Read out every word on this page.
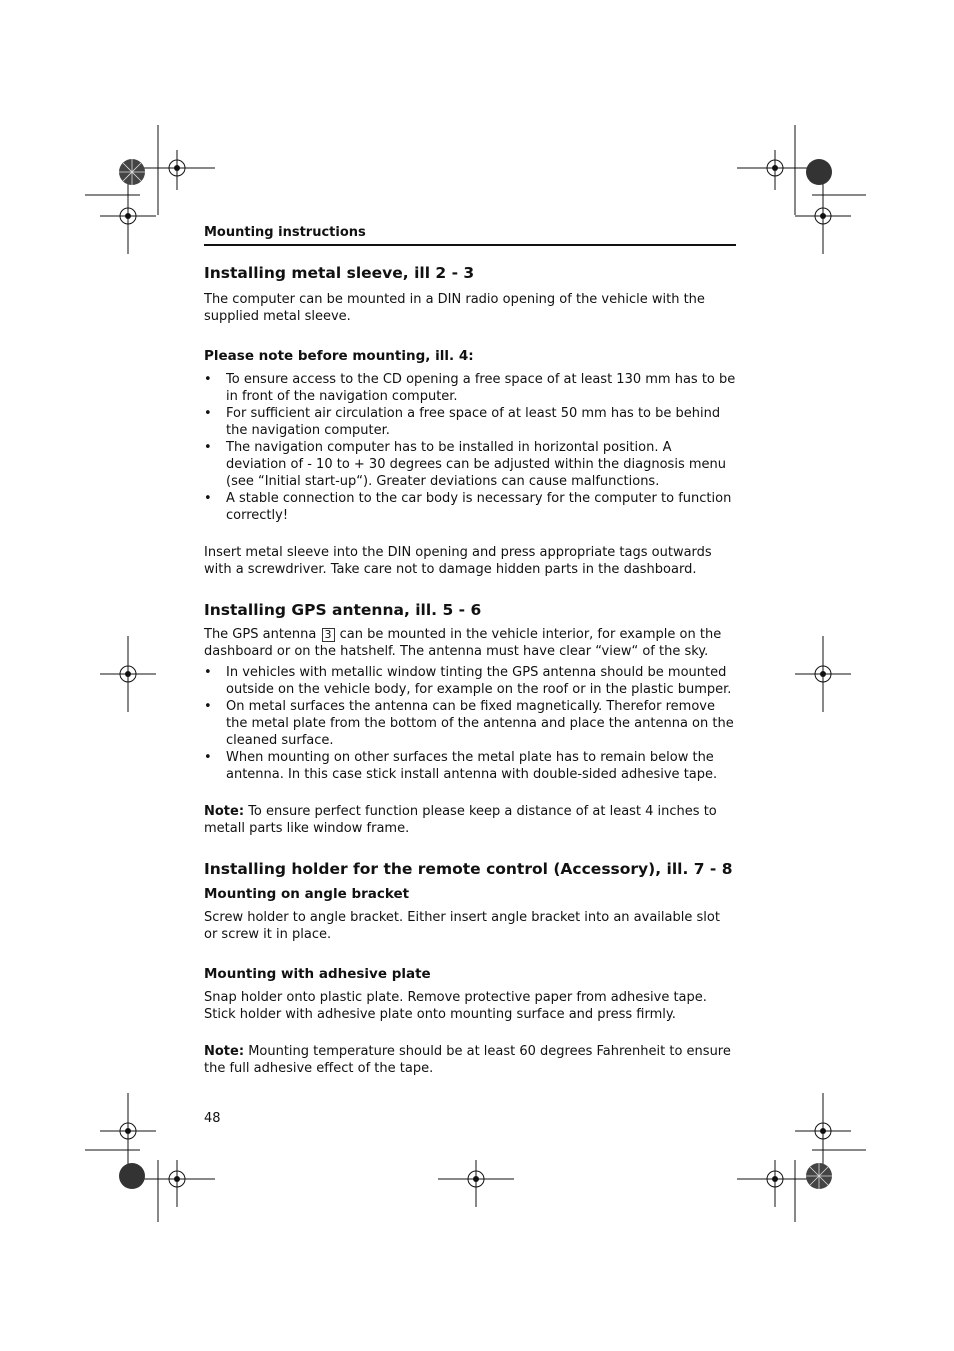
Mounting instructions
Installing metal sleeve, ill 2 - 3

The computer can be mounted in a DIN radio opening of the vehicle with the supplied metal sleeve.

Please note before mounting, ill. 4:
• To ensure access to the CD opening a free space of at least 130 mm has to be in front of the navigation computer.
• For sufficient air circulation a free space of at least 50 mm has to be behind the navigation computer.
• The navigation computer has to be installed in horizontal position. A deviation of - 10 to + 30 degrees can be adjusted within the diagnosis menu (see “Initial start-up“). Greater deviations can cause malfunctions.
• A stable connection to the car body is necessary for the computer to function correctly!

Insert metal sleeve into the DIN opening and press appropriate tags outwards with a screwdriver. Take care not to damage hidden parts in the dashboard.

Installing GPS antenna, ill. 5 - 6

The GPS antenna 3 can be mounted in the vehicle interior, for example on the dashboard or on the hatshelf. The antenna must have clear “view“ of the sky.

• In vehicles with metallic window tinting the GPS antenna should be mounted outside on the vehicle body, for example on the roof or in the plastic bumper.
• On metal surfaces the antenna can be fixed magnetically. Therefor remove the metal plate from the bottom of the antenna and place the antenna on the cleaned surface.
• When mounting on other surfaces the metal plate has to remain below the antenna. In this case stick install antenna with double-sided adhesive tape.

Note: To ensure perfect function please keep a distance of at least 4 inches to metall parts like window frame.

Installing holder for the remote control (Accessory), ill. 7 - 8
Mounting on angle bracket

Screw holder to angle bracket. Either insert angle bracket into an available slot or screw it in place.

Mounting with adhesive plate

Snap holder onto plastic plate. Remove protective paper from adhesive tape. Stick holder with adhesive plate onto mounting surface and press firmly.

Note: Mounting temperature should be at least 60 degrees Fahrenheit to ensure the full adhesive effect of the tape.

48
